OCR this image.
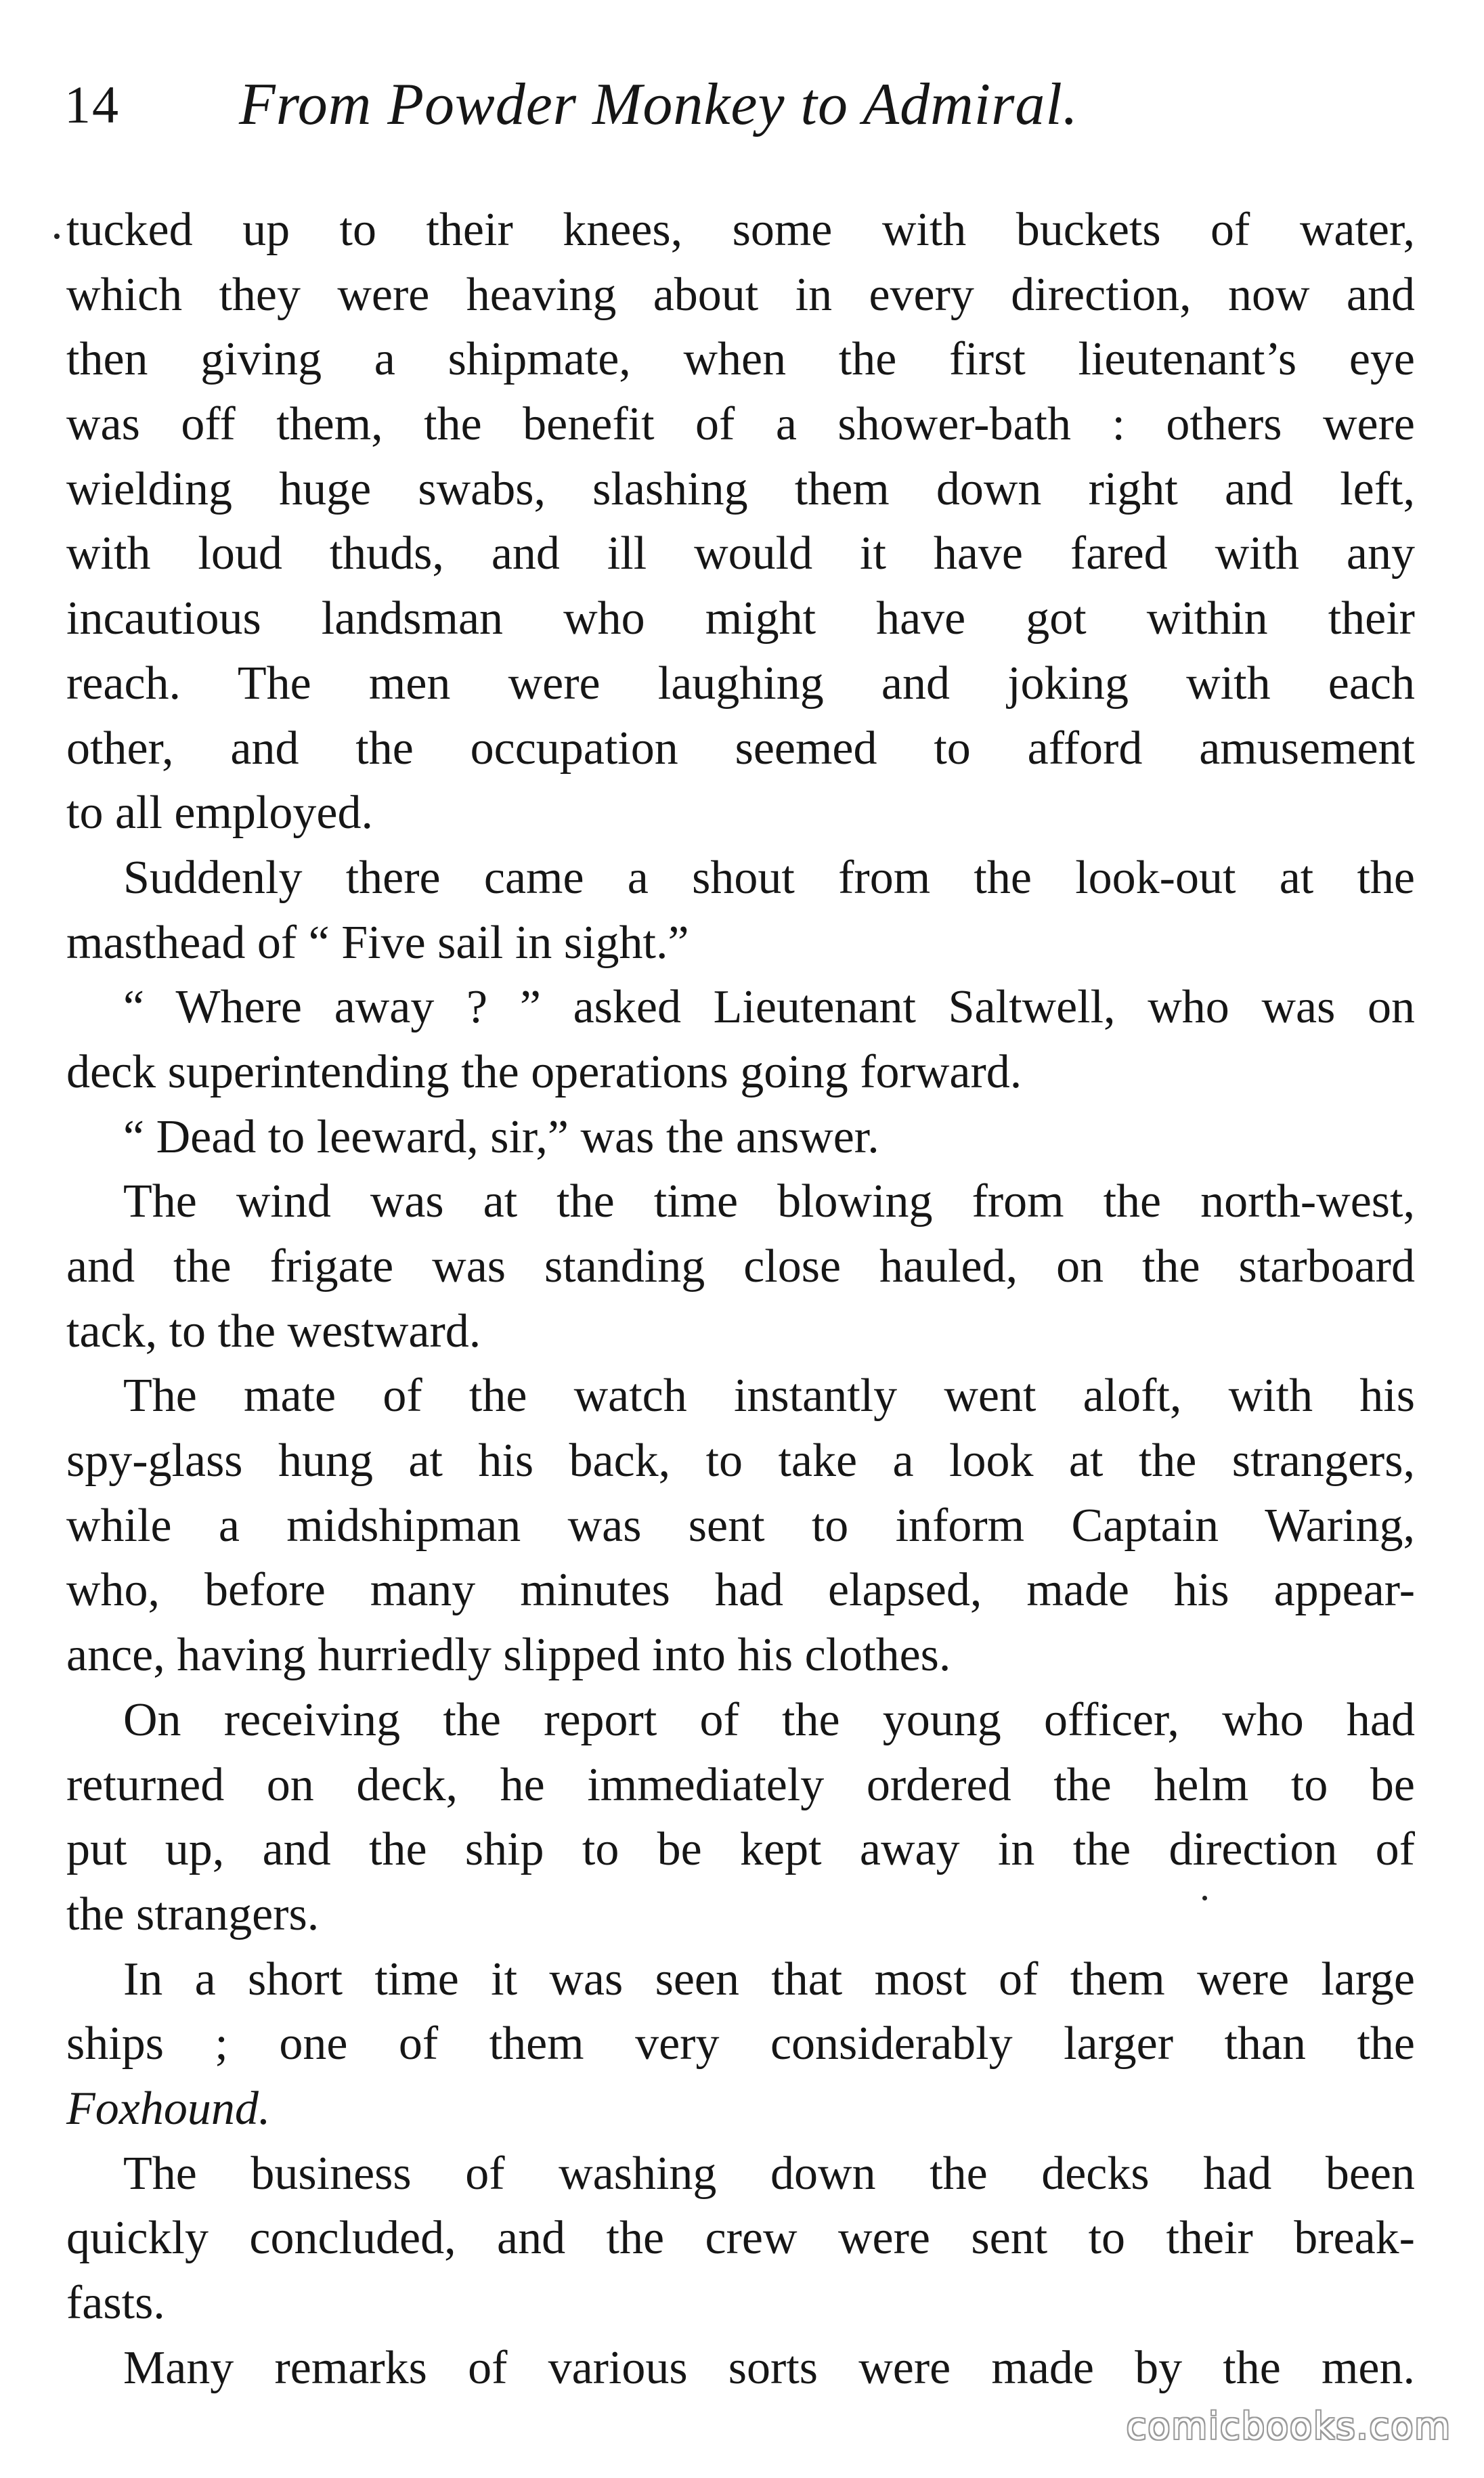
14 From Powder Monkey to Admiral.
tucked up to their knees, some with buckets of water,
which they were heaving about in every direction, now and
then giving a shipmate, when the first lieutenant’s eye
was off them, the benefit of a shower-bath : others were
wielding huge swabs, slashing them down right and left,
with loud thuds, and ill would it have fared with any
incautious landsman who might have got within their
reach. The men were laughing and joking with each
other, and the occupation seemed to afford amusement
to all employed.
Suddenly there came a shout from the look-out at the
masthead of “ Five sail in sight.”
“ Where away ? ” asked Lieutenant Saltwell, who was on
deck superintending the operations going forward.
“ Dead to leeward, sir,” was the answer.
The wind was at the time blowing from the north-west,
and the frigate was standing close hauled, on the starboard
tack, to the westward.
The mate of the watch instantly went aloft, with his
spy-glass hung at his back, to take a look at the strangers,
while a midshipman was sent to inform Captain Waring,
who, before many minutes had elapsed, made his appear-
ance, having hurriedly slipped into his clothes.
On receiving the report of the young officer, who had
returned on deck, he immediately ordered the helm to be
put up, and the ship to be kept away in the direction of
the strangers.
In a short time it was seen that most of them were large
ships ; one of them very considerably larger than the
Foxhound.
The business of washing down the decks had been
quickly concluded, and the crew were sent to their break-
fasts.
Many remarks of various sorts were made by the men.
comicbooks.com
